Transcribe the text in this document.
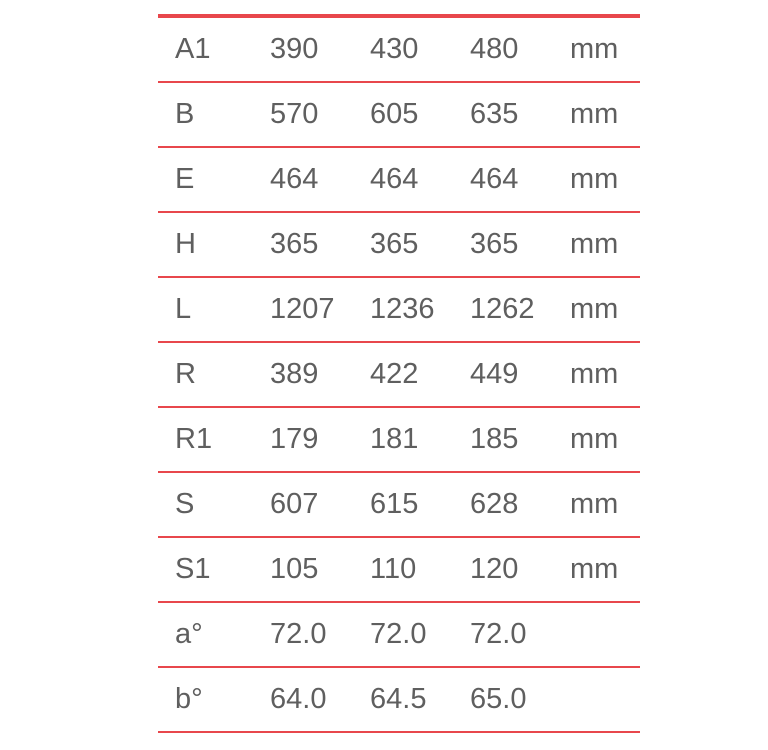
A1 390 430 480 mm
B	570 605 635 mm
E	464 464 464 mm
H	365 365 365 mm
L	1207 1236 1262 mm
R	389 422 449 mm
R1 179 181 185 mm
S	607 615 628 mm
S1 105 110 120 mm
a° 72.0 72.0 72.0
b° 64.0 64.5 65.0
